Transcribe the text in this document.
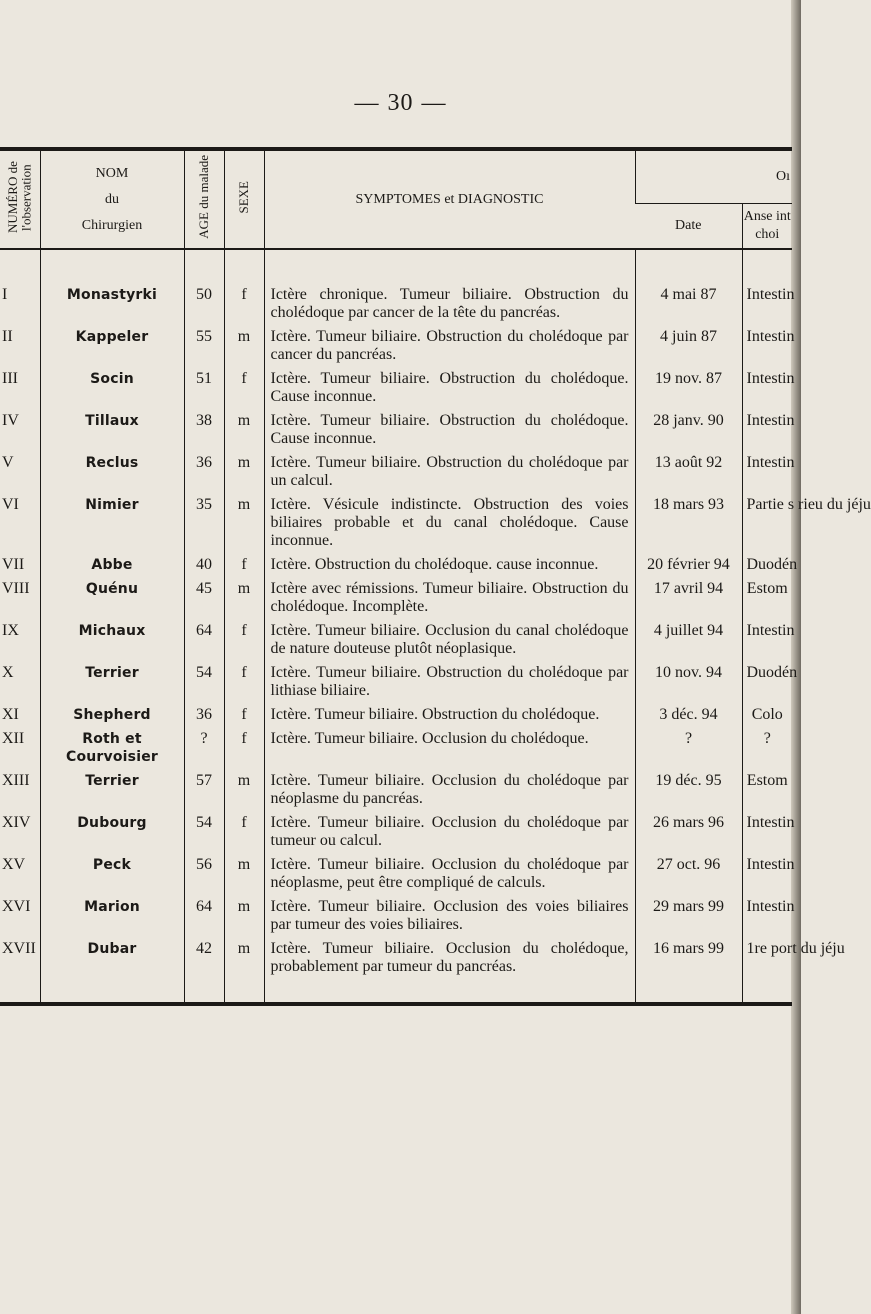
— 30 —

NUMÉRO de l'observation	NOM
du
Chirurgien	AGE du malade	SEXE	SYMPTOMES et DIAGNOSTIC	Oı	
					Date	Anse int
choi

I	Monastyrki	50	f	Ictère chronique. Tumeur biliaire. Obstruction du cholédoque par cancer de la tête du pancréas.	4 mai 87	Intestin
II	Kappeler	55	m	Ictère. Tumeur biliaire. Obstruction du cholédoque par cancer du pancréas.	4 juin 87	Intestin
III	Socin	51	f	Ictère. Tumeur biliaire. Obstruction du cholédoque. Cause inconnue.	19 nov. 87	Intestin
IV	Tillaux	38	m	Ictère. Tumeur biliaire. Obstruction du cholédoque. Cause inconnue.	28 janv. 90	Intestin
V	Reclus	36	m	Ictère. Tumeur biliaire. Obstruction du cholédoque par un calcul.	13 août 92	Intestin
VI	Nimier	35	m	Ictère. Vésicule indistincte. Obstruction des voies biliaires probable et du canal cholédoque. Cause inconnue.	18 mars 93	Partie s rieu du jéju
VII	Abbe	40	f	Ictère. Obstruction du cholédoque. cause inconnue.	20 février 94	Duodén
VIII	Quénu	45	m	Ictère avec rémissions. Tumeur biliaire. Obstruction du cholédoque. Incomplète.	17 avril 94	Estom
IX	Michaux	64	f	Ictère. Tumeur biliaire. Occlusion du canal cholédoque de nature douteuse plutôt néoplasique.	4 juillet 94	Intestin
X	Terrier	54	f	Ictère. Tumeur biliaire. Obstruction du cholédoque par lithiase biliaire.	10 nov. 94	Duodén
XI	Shepherd	36	f	Ictère. Tumeur biliaire. Obstruction du cholédoque.	3 déc. 94	Colo
XII	Roth et Courvoisier	?	f	Ictère. Tumeur biliaire. Occlusion du cholédoque.	?	?
XIII	Terrier	57	m	Ictère. Tumeur biliaire. Occlusion du cholédoque par néoplasme du pancréas.	19 déc. 95	Estom
XIV	Dubourg	54	f	Ictère. Tumeur biliaire. Occlusion du cholédoque par tumeur ou calcul.	26 mars 96	Intestin
XV	Peck	56	m	Ictère. Tumeur biliaire. Occlusion du cholédoque par néoplasme, peut être compliqué de calculs.	27 oct. 96	Intestin
XVI	Marion	64	m	Ictère. Tumeur biliaire. Occlusion des voies biliaires par tumeur des voies biliaires.	29 mars 99	Intestin
XVII	Dubar	42	m	Ictère. Tumeur biliaire. Occlusion du cholédoque, probablement par tumeur du pancréas.	16 mars 99	1re port du jéju
